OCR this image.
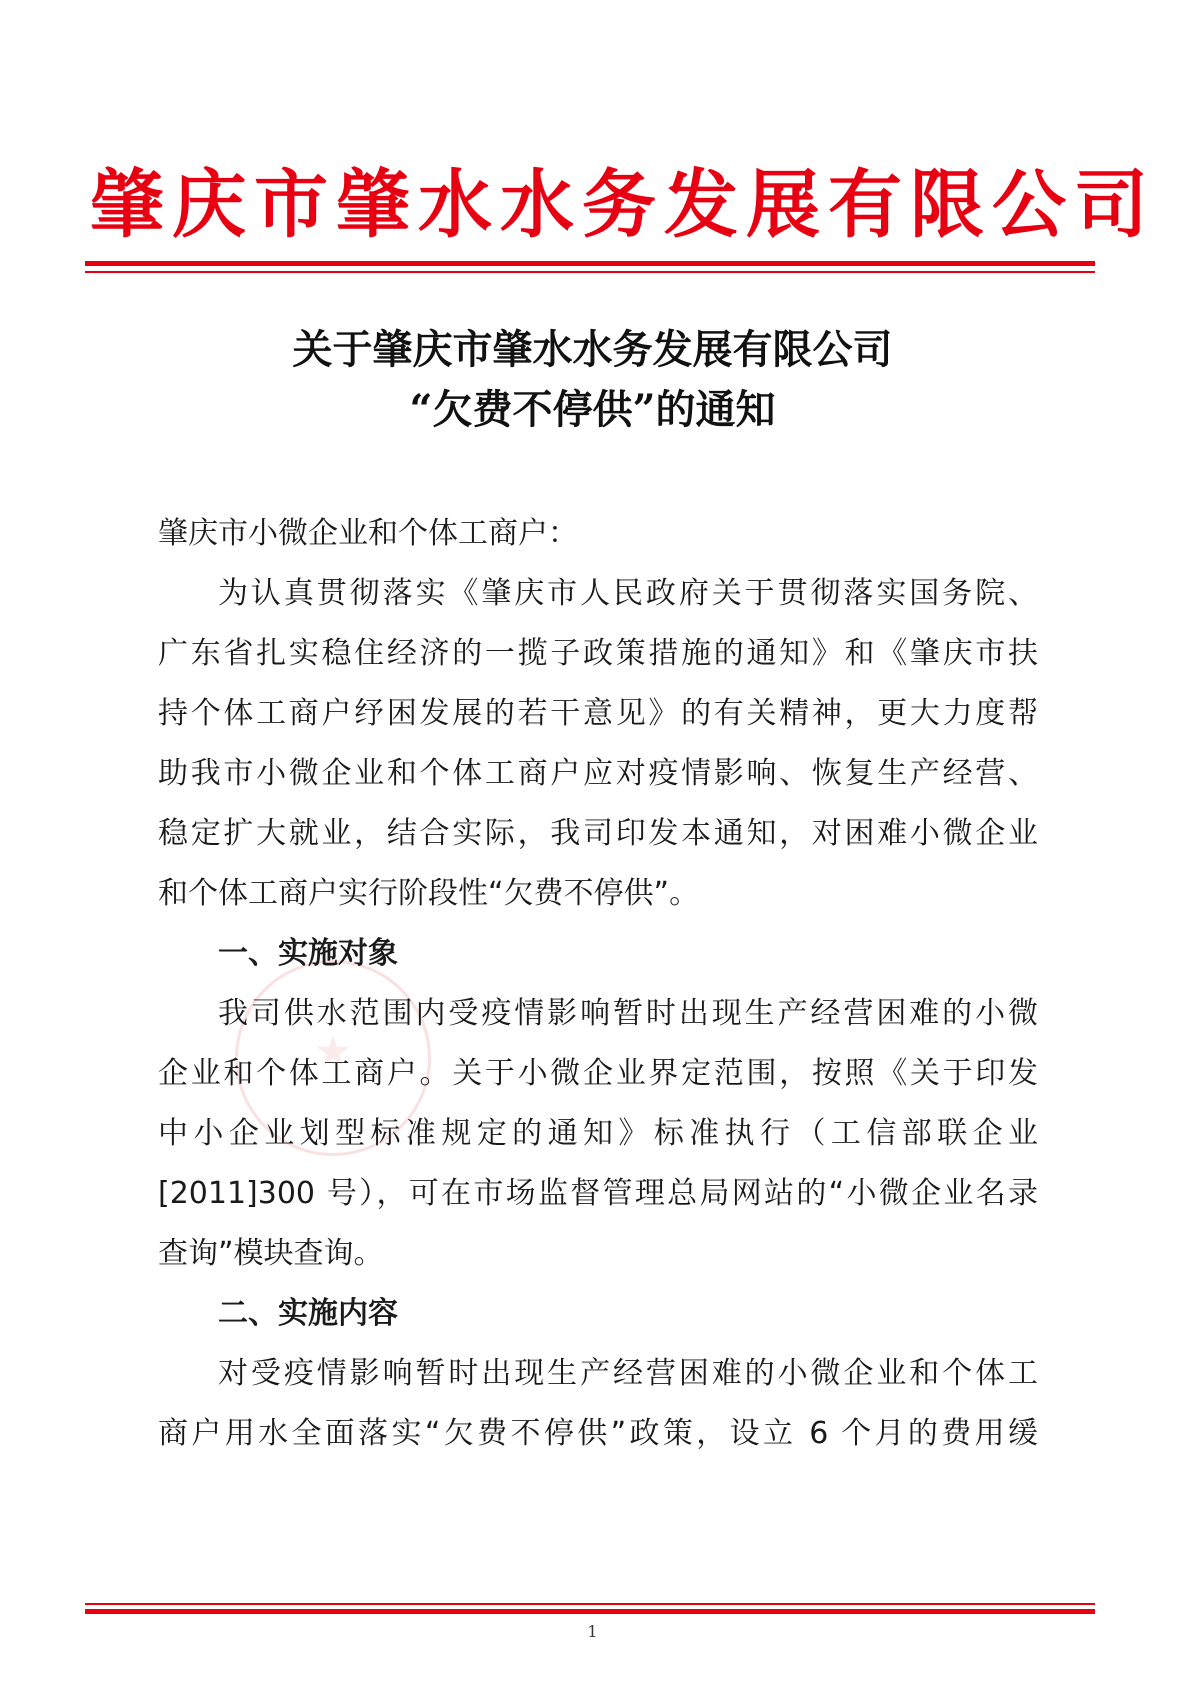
肇庆市肇水水务发展有限公司
关于肇庆市肇水水务发展有限公司
“欠费不停供”的通知
肇庆市小微企业和个体工商户：
为认真贯彻落实《肇庆市人民政府关于贯彻落实国务院、
广东省扎实稳住经济的一揽子政策措施的通知》和《肇庆市扶
持个体工商户纾困发展的若干意见》的有关精神，更大力度帮
助我市小微企业和个体工商户应对疫情影响、恢复生产经营、
稳定扩大就业，结合实际，我司印发本通知，对困难小微企业
和个体工商户实行阶段性“欠费不停供”。
一、实施对象
我司供水范围内受疫情影响暂时出现生产经营困难的小微
企业和个体工商户。关于小微企业界定范围，按照《关于印发
中小企业划型标准规定的通知》标准执行（工信部联企业
[2011]300 号），可在市场监督管理总局网站的“小微企业名录
查询”模块查询。
二、实施内容
对受疫情影响暂时出现生产经营困难的小微企业和个体工
商户用水全面落实“欠费不停供”政策，设立 6 个月的费用缓
1
